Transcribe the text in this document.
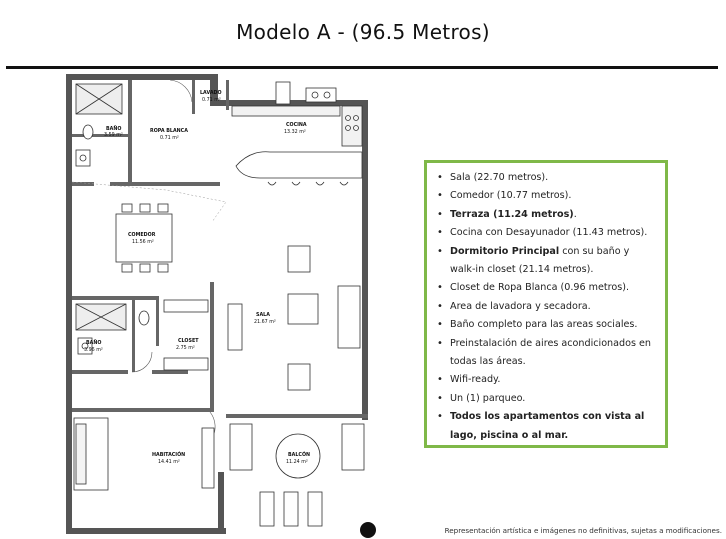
Modelo A - (96.5 Metros)
BAÑO
3.59 m²
ROPA BLANCA
0.71 m²
LAVADO
0.71 m²
COCINA
13.32 m²
COMEDOR
11.56 m²
SALA
21.67 m²
BAÑO
3.96 m²
CLOSET
2.75 m²
HABITACIÓN
14.41 m²
BALCÓN
11.24 m²
• Sala (22.70 metros).
• Comedor (10.77 metros).
• Terraza (11.24 metros).
• Cocina con Desayunador (11.43 metros).
• Dormitorio Principal con su baño y walk-in closet (21.14 metros).
• Closet de Ropa Blanca (0.96 metros).
• Area de lavadora y secadora.
• Baño completo para las areas sociales.
• Preinstalación de aires acondicionados en todas las áreas.
• Wifi-ready.
• Un (1) parqueo.
• Todos los apartamentos con vista al lago, piscina o al mar.
Representación artística e imágenes no definitivas, sujetas a modificaciones.
